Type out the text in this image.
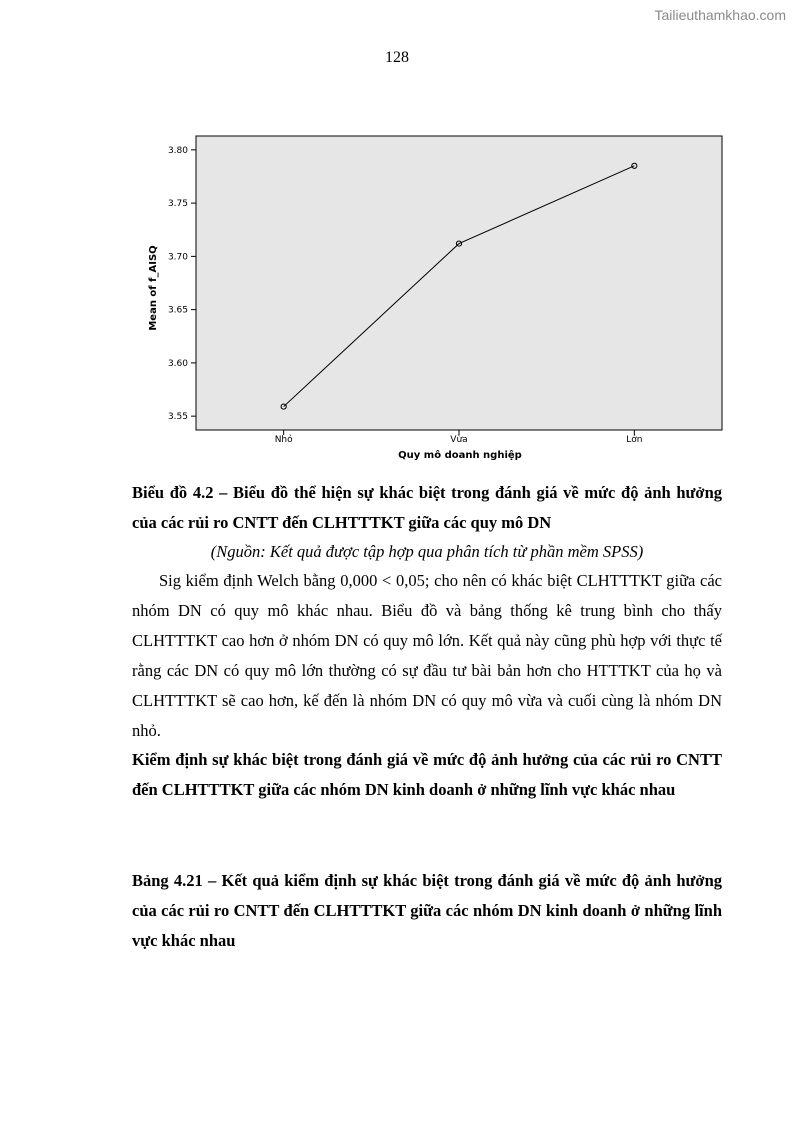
Tailieuthamkhao.com
128
3.55
3.60
3.65
3.70
3.75
3.80
Nhỏ	Vừa	Lớn
Quy mô doanh nghiệp
Mean of f_AISQ

Biểu đồ 4.2 – Biểu đồ thể hiện sự khác biệt trong đánh giá về mức độ ảnh hưởng của các rủi ro CNTT đến CLHTTTKT giữa các quy mô DN

(Nguồn: Kết quả được tập hợp qua phân tích từ phần mềm SPSS)

Sig kiểm định Welch bằng 0,000 < 0,05; cho nên có khác biệt CLHTTTKT giữa các nhóm DN có quy mô khác nhau. Biểu đồ và bảng thống kê trung bình cho thấy CLHTTTKT cao hơn ở nhóm DN có quy mô lớn. Kết quả này cũng phù hợp với thực tế rằng các DN có quy mô lớn thường có sự đầu tư bài bản hơn cho HTTTKT của họ và CLHTTTKT sẽ cao hơn, kế đến là nhóm DN có quy mô vừa và cuối cùng là nhóm DN nhỏ.

Kiểm định sự khác biệt trong đánh giá về mức độ ảnh hưởng của các rủi ro CNTT đến CLHTTTKT giữa các nhóm DN kinh doanh ở những lĩnh vực khác nhau

Bảng 4.21 – Kết quả kiểm định sự khác biệt trong đánh giá về mức độ ảnh hưởng của các rủi ro CNTT đến CLHTTTKT giữa các nhóm DN kinh doanh ở những lĩnh vực khác nhau
